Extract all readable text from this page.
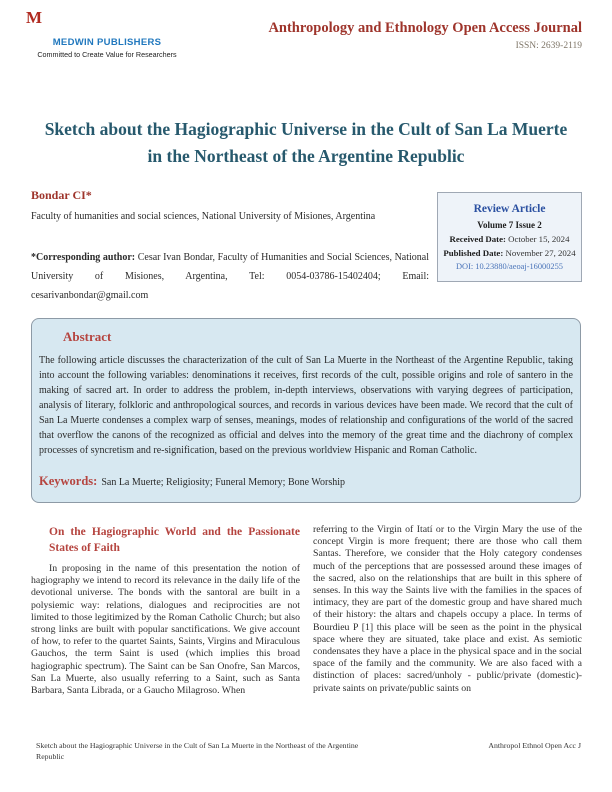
M
MEDWIN PUBLISHERS
Committed to Create Value for Researchers
Anthropology and Ethnology Open Access Journal
ISSN: 2639-2119
Sketch about the Hagiographic Universe in the Cult of San La Muerte in the Northeast of the Argentine Republic
Bondar CI*
Faculty of humanities and social sciences, National University of Misiones, Argentina

*Corresponding author: Cesar Ivan Bondar, Faculty of Humanities and Social Sciences, National University of Misiones, Argentina, Tel: 0054-03786-15402404; Email: cesarivanbondar@gmail.com

Review Article
Volume 7 Issue 2
Received Date: October 15, 2024
Published Date: November 27, 2024
DOI: 10.23880/aeoaj-16000255
Abstract
The following article discusses the characterization of the cult of San La Muerte in the Northeast of the Argentine Republic, taking into account the following variables: denominations it receives, first records of the cult, possible origins and role of santero in the making of sacred art. In order to address the problem, in-depth interviews, observations with varying degrees of participation, analysis of literary, folkloric and anthropological sources, and records in various devices have been made. We record that the cult of San La Muerte condenses a complex warp of senses, meanings, modes of relationship and configurations of the world of the sacred that overflow the canons of the recognized as official and delves into the memory of the great time and the diachrony of complex processes of syncretism and re-signification, based on the previous worldview Hispanic and Roman Catholic.
Keywords: San La Muerte; Religiosity; Funeral Memory; Bone Worship
On the Hagiographic World and the Passionate States of Faith

In proposing in the name of this presentation the notion of hagiography we intend to record its relevance in the daily life of the devotional universe. The bonds with the santoral are built in a polysiemic way: relations, dialogues and reciprocities are not limited to those legitimized by the Roman Catholic Church; but also strong links are built with popular sanctifications. We give account of how, to refer to the quartet Saints, Saints, Virgins and Miraculous Gauchos, the term Saint is used (which implies this broad hagiographic spectrum). The Saint can be San Onofre, San Marcos, San La Muerte, also usually referring to a Saint, such as Santa Barbara, Santa Librada, or a Gaucho Milagroso. When

referring to the Virgin of Itatí or to the Virgin Mary the use of the concept Virgin is more frequent; there are those who call them Santas. Therefore, we consider that the Holy category condenses much of the perceptions that are possessed around these images of the sacred, also on the relationships that are built in this sphere of senses. In this way the Saints live with the families in the spaces of intimacy, they are part of the domestic group and have shared much of their history: the altars and chapels occupy a place. In terms of Bourdieu P [1] this place will be seen as the point in the physical space where they are situated, take place and exist. As semiotic condensates they have a place in the physical space and in the social space of the family and the community. We are also faced with a distinction of places: sacred/unholy - public/private (domestic)-private saints on private/public saints on

Sketch about the Hagiographic Universe in the Cult of San La Muerte in the Northeast of the Argentine Republic
Anthropol Ethnol Open Acc J
